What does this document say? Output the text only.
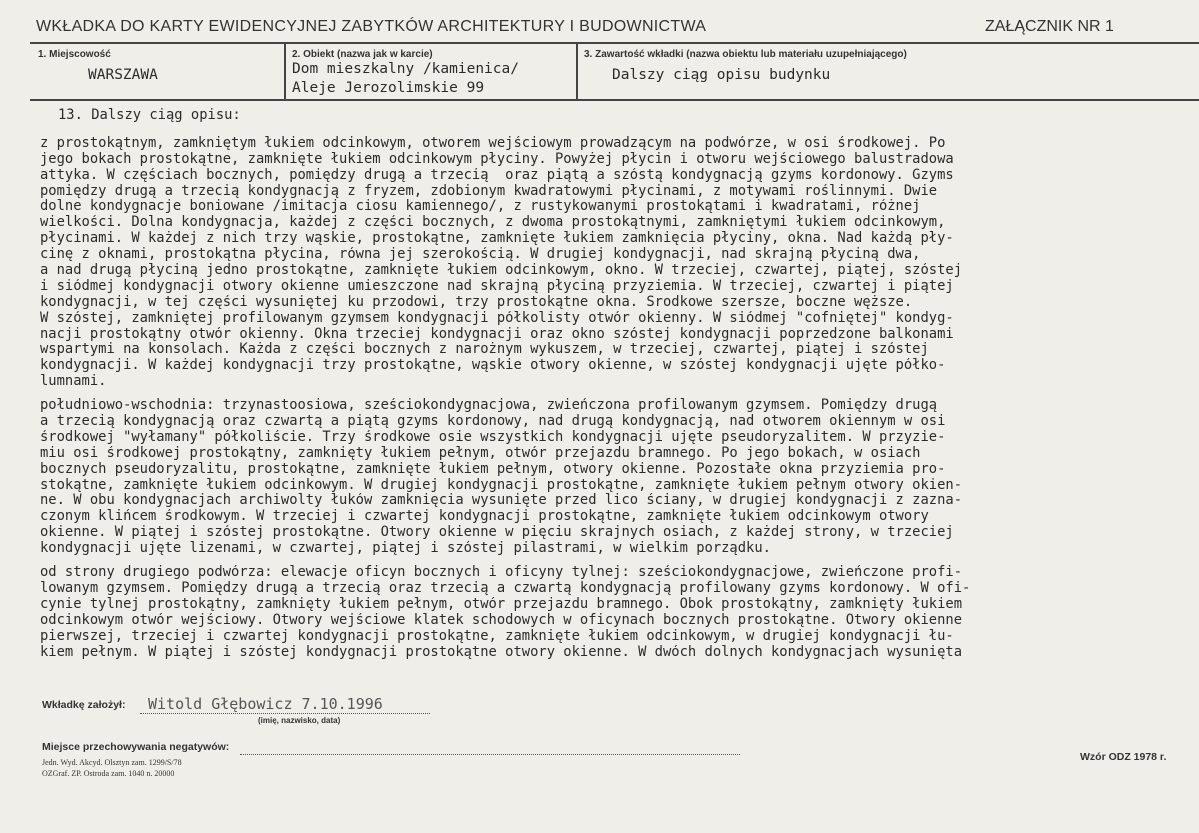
WKŁADKA DO KARTY EWIDENCYJNEJ ZABYTKÓW ARCHITEKTURY I BUDOWNICTWA	ZAŁĄCZNIK NR 1
1. Miejscowość
WARSZAWA
2. Obiekt (nazwa jak w karcie)
Dom mieszkalny /kamienica/
Aleje Jerozolimskie 99
3. Zawartość wkładki (nazwa obiektu lub materiału uzupełniającego)
Dalszy ciąg opisu budynku
13. Dalszy ciąg opisu:
z prostokątnym, zamkniętym łukiem odcinkowym, otworem wejściowym prowadzącym na podwórze, w osi środkowej. Po
jego bokach prostokątne, zamknięte łukiem odcinkowym płyciny. Powyżej płycin i otworu wejściowego balustradowa
attyka. W częściach bocznych, pomiędzy drugą a trzecią  oraz piątą a szóstą kondygnacją gzyms kordonowy. Gzyms
pomiędzy drugą a trzecią kondygnacją z fryzem, zdobionym kwadratowymi płycinami, z motywami roślinnymi. Dwie
dolne kondygnacje boniowane /imitacja ciosu kamiennego/, z rustykowanymi prostokątami i kwadratami, różnej
wielkości. Dolna kondygnacja, każdej z części bocznych, z dwoma prostokątnymi, zamkniętymi łukiem odcinkowym,
płycinami. W każdej z nich trzy wąskie, prostokątne, zamknięte łukiem zamknięcia płyciny, okna. Nad każdą pły-
cinę z oknami, prostokątna płycina, równa jej szerokością. W drugiej kondygnacji, nad skrajną płyciną dwa,
a nad drugą płyciną jedno prostokątne, zamknięte łukiem odcinkowym, okno. W trzeciej, czwartej, piątej, szóstej
i siódmej kondygnacji otwory okienne umieszczone nad skrajną płyciną przyziemia. W trzeciej, czwartej i piątej
kondygnacji, w tej części wysuniętej ku przodowi, trzy prostokątne okna. Środkowe szersze, boczne węższe.
W szóstej, zamkniętej profilowanym gzymsem kondygnacji półkolisty otwór okienny. W siódmej "cofniętej" kondyg-
nacji prostokątny otwór okienny. Okna trzeciej kondygnacji oraz okno szóstej kondygnacji poprzedzone balkonami
wspartymi na konsolach. Każda z części bocznych z narożnym wykuszem, w trzeciej, czwartej, piątej i szóstej
kondygnacji. W każdej kondygnacji trzy prostokątne, wąskie otwory okienne, w szóstej kondygnacji ujęte półko-
lumnami.
południowo-wschodnia: trzynastoosiowa, sześciokondygnacjowa, zwieńczona profilowanym gzymsem. Pomiędzy drugą
a trzecią kondygnacją oraz czwartą a piątą gzyms kordonowy, nad drugą kondygnacją, nad otworem okiennym w osi
środkowej "wyłamany" półkoliście. Trzy środkowe osie wszystkich kondygnacji ujęte pseudoryzalitem. W przyzie-
miu osi środkowej prostokątny, zamknięty łukiem pełnym, otwór przejazdu bramnego. Po jego bokach, w osiach
bocznych pseudoryzalitu, prostokątne, zamknięte łukiem pełnym, otwory okienne. Pozostałe okna przyziemia pro-
stokątne, zamknięte łukiem odcinkowym. W drugiej kondygnacji prostokątne, zamknięte łukiem pełnym otwory okien-
ne. W obu kondygnacjach archiwolty łuków zamknięcia wysunięte przed lico ściany, w drugiej kondygnacji z zazna-
czonym klińcem środkowym. W trzeciej i czwartej kondygnacji prostokątne, zamknięte łukiem odcinkowym otwory
okienne. W piątej i szóstej prostokątne. Otwory okienne w pięciu skrajnych osiach, z każdej strony, w trzeciej
kondygnacji ujęte lizenami, w czwartej, piątej i szóstej pilastrami, w wielkim porządku.
od strony drugiego podwórza: elewacje oficyn bocznych i oficyny tylnej: sześciokondygnacjowe, zwieńczone profi-
lowanym gzymsem. Pomiędzy drugą a trzecią oraz trzecią a czwartą kondygnacją profilowany gzyms kordonowy. W ofi-
cynie tylnej prostokątny, zamknięty łukiem pełnym, otwór przejazdu bramnego. Obok prostokątny, zamknięty łukiem
odcinkowym otwór wejściowy. Otwory wejściowe klatek schodowych w oficynach bocznych prostokątne. Otwory okienne
pierwszej, trzeciej i czwartej kondygnacji prostokątne, zamknięte łukiem odcinkowym, w drugiej kondygnacji łu-
kiem pełnym. W piątej i szóstej kondygnacji prostokątne otwory okienne. W dwóch dolnych kondygnacjach wysunięta
Wkładkę założył: Witold Głębowicz 7.10.1996
(imię, nazwisko, data)
Miejsce przechowywania negatywów:
Wzór ODZ 1978 r.
Jedn. Wyd. Akcyd. Olsztyn zam. 1299/S/78
OZGraf. ZP. Ostroda zam. 1040 n. 20000
